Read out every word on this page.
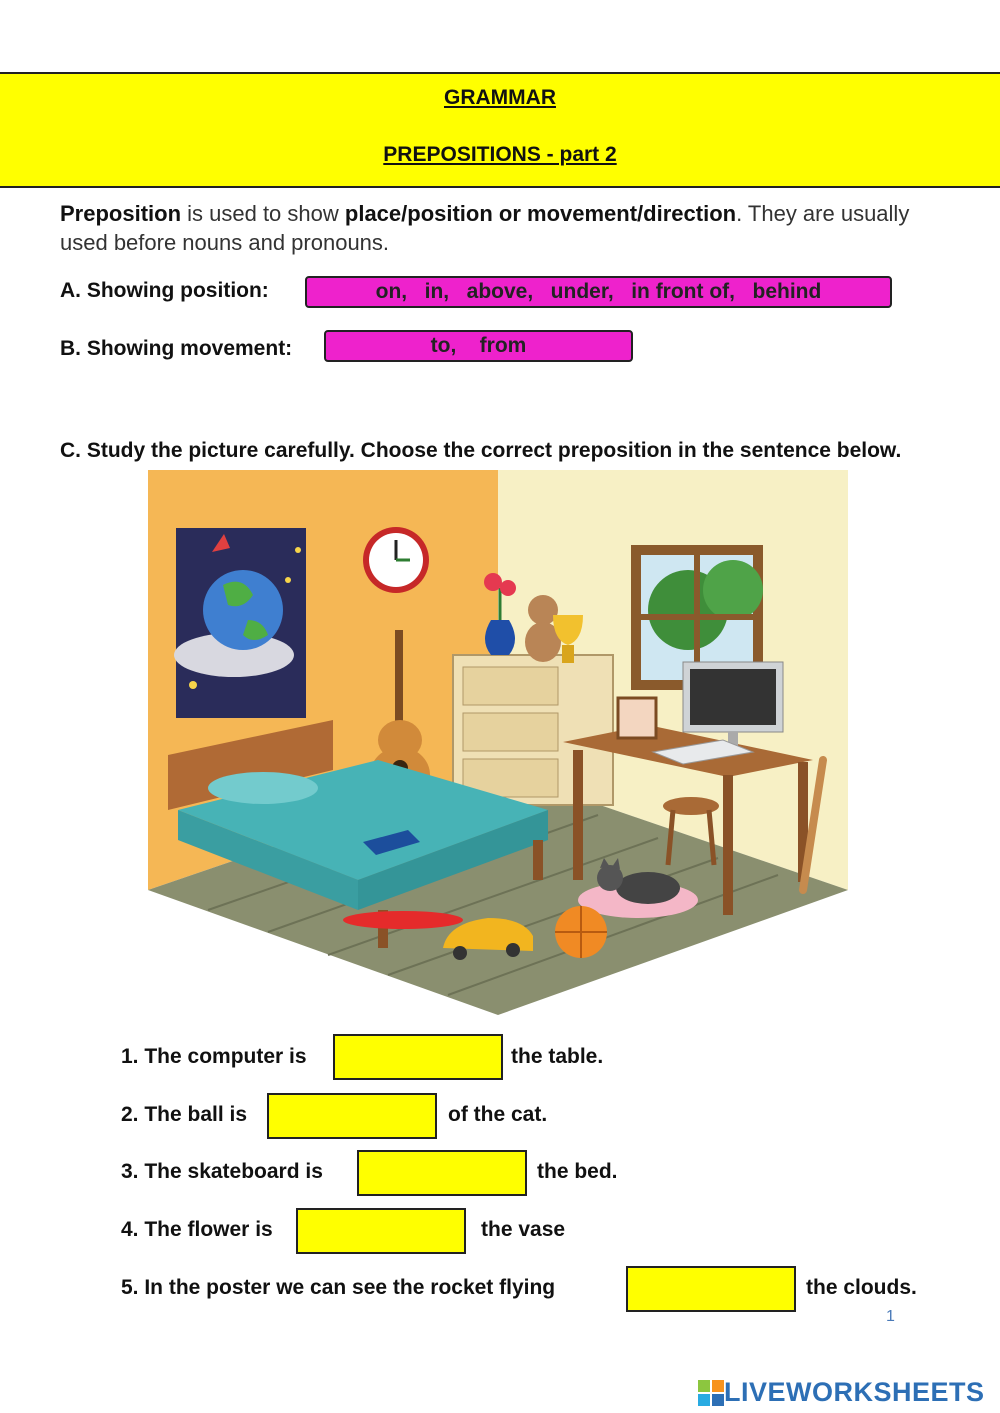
GRAMMAR
PREPOSITIONS - part 2
Preposition is used to show place/position or movement/direction. They are usually used before nouns and pronouns.
A. Showing position:	on,   in,   above,   under,   in front of,   behind
B. Showing movement:	to,    from
C. Study the picture carefully. Choose the correct preposition in the sentence below.
1. The computer is	the table.
2. The ball is	of the cat.
3. The skateboard is	the bed.
4. The flower is	the vase
5. In the poster we can see the rocket flying	the clouds.
1
LIVEWORKSHEETS
